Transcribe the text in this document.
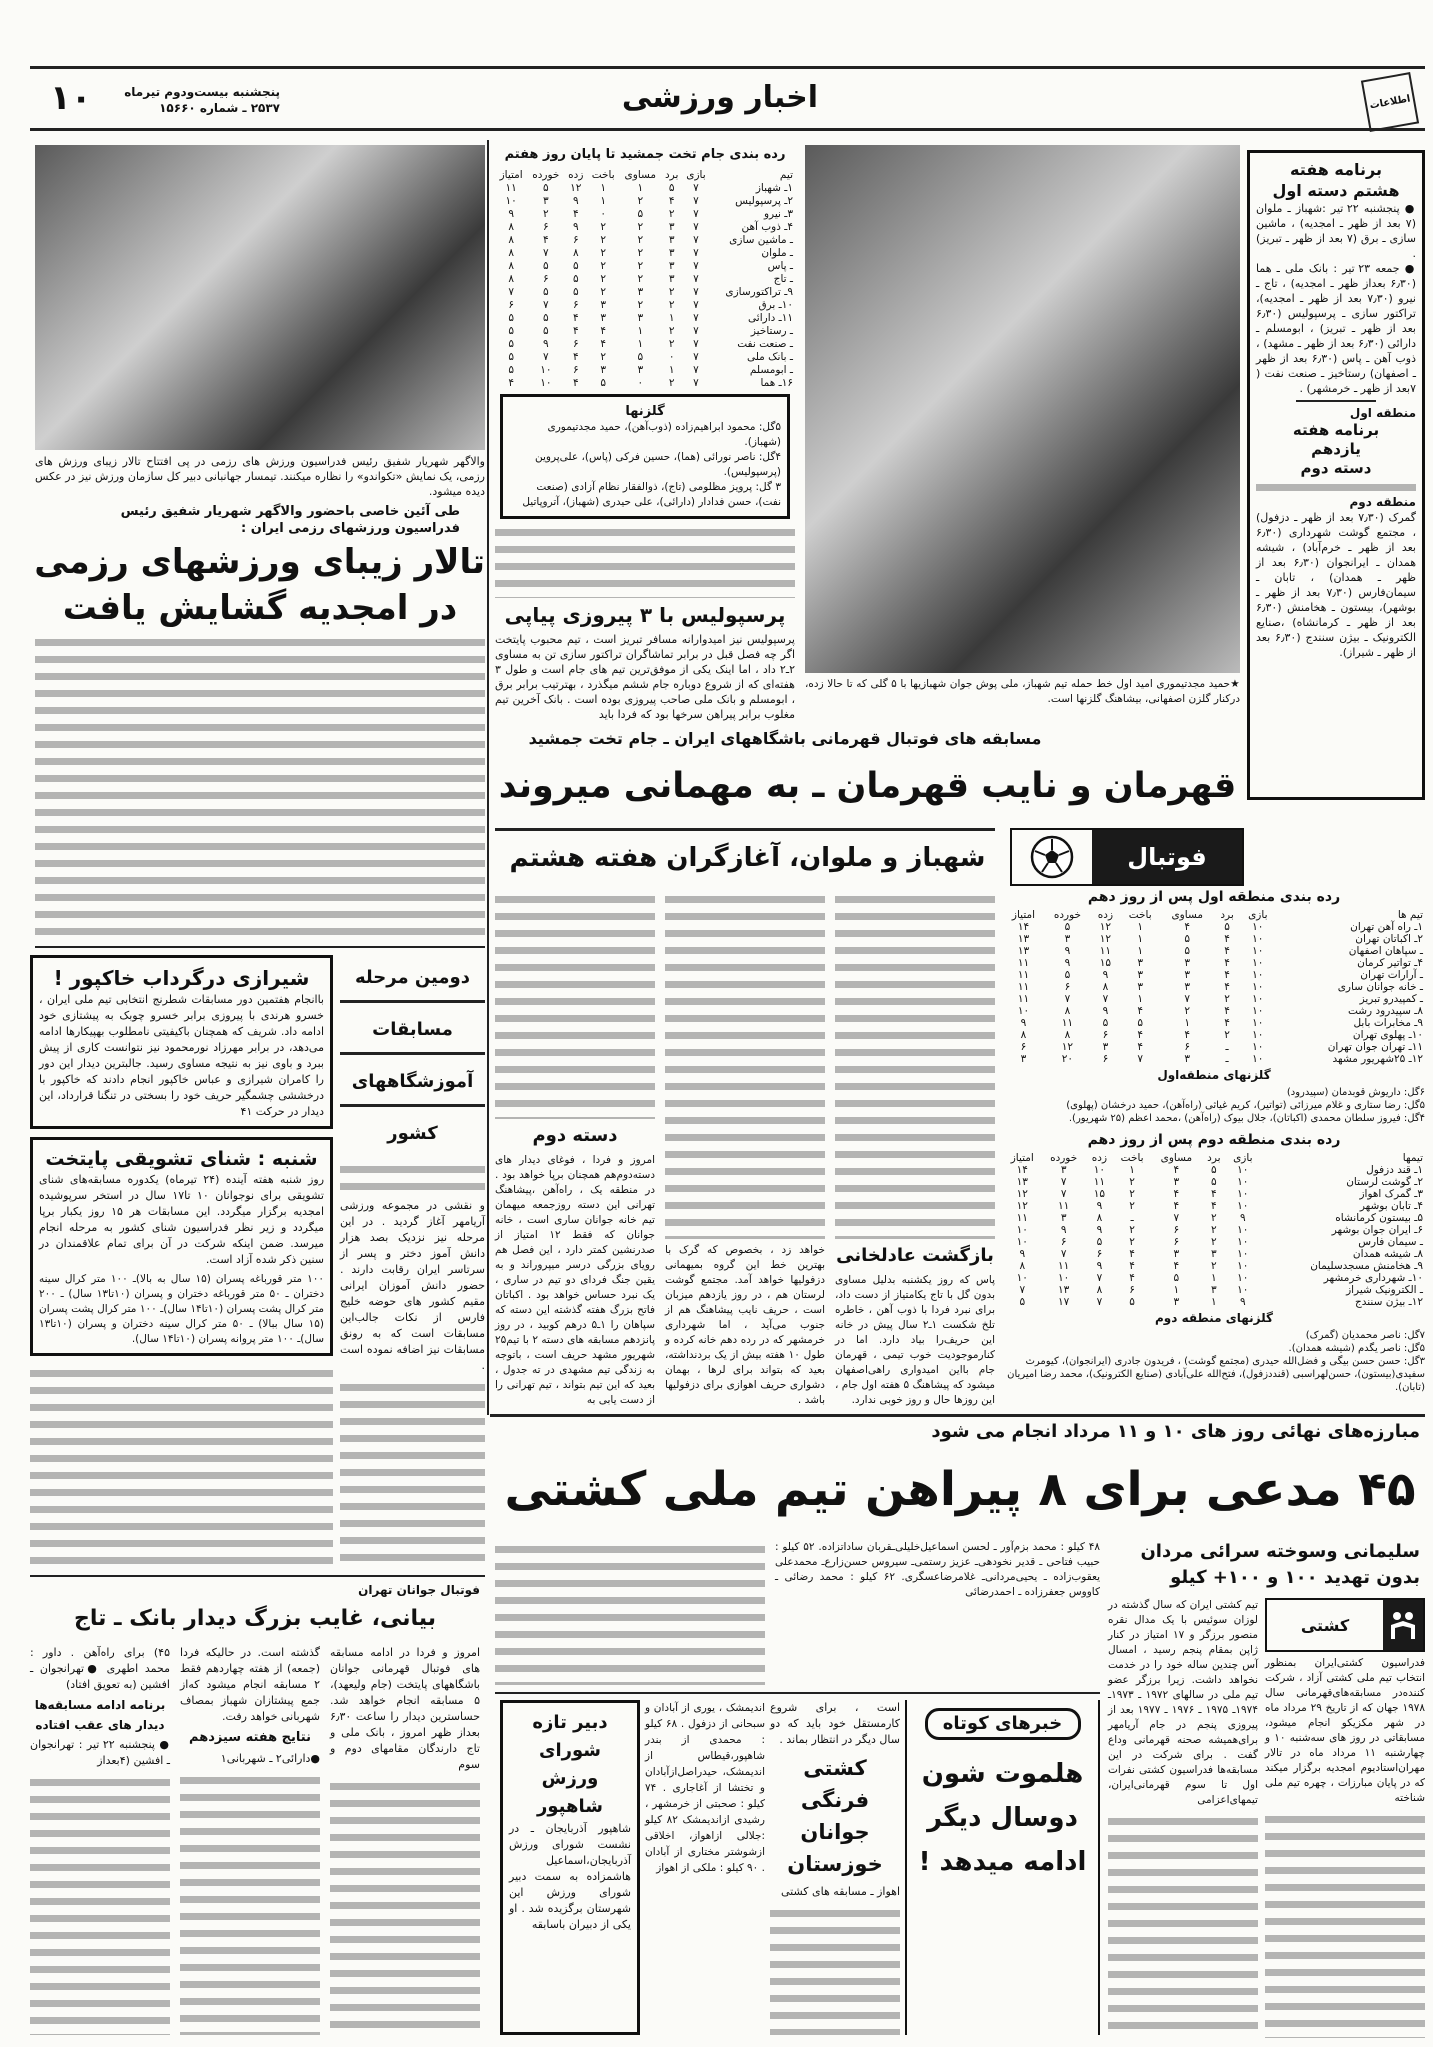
اطلاعات
اخبار ورزشی
پنجشنبه بیست‌ودوم تیرماه
۲۵۳۷ ـ شماره ۱۵۶۶۰
۱۰
والاگهر شهریار شفیق رئیس فدراسیون ورزش های رزمی در پی افتتاح تالار زیبای ورزش های رزمی، یک نمایش «تکواندو» را نظاره میکنند. تیمسار جهانبانی دبیر کل سازمان ورزش نیز در عکس دیده میشود.
طی آئین خاصی باحضور والاگهر شهریار شفیق رئیس فدراسیون ورزشهای رزمی ایران :
تالار زیبای ورزشهای رزمی
در امجدیه گشایش یافت
شیرازی درگرداب خاکپور !
باانجام هفتمین دور مسابقات شطرنج انتخابی تیم ملی ایران ، خسرو هرندی با پیروزی برابر خسرو چوبک به پیشتازی خود ادامه داد. شریف که همچنان باکیفیتی نامطلوب بهپیکارها ادامه می‌دهد، در برابر مهرزاد نورمحمود نیز نتوانست کاری از پیش ببرد و باوی نیز به نتیجه مساوی رسید. جالبترین دیدار این دور را کامران شیرازی و عباس خاکپور انجام دادند که خاکپور با درخششی چشمگیر حریف خود را بسختی در تنگنا قرارداد، این دیدار در حرکت ۴۱
شنبه : شنای تشویقی پایتخت
روز شنبه هفته آینده (۲۴ تیرماه) یکدوره مسابقه‌های شنای تشویقی برای نوجوانان ۱۰ تا۱۷ سال در استخر سرپوشیده امجدیه برگزار میگردد. این مسابقات هر ۱۵ روز یکبار برپا میگردد و زیر نظر فدراسیون شنای کشور به مرحله انجام میرسد. ضمن اینکه شرکت در آن برای تمام علاقمندان در سنین ذکر شده آزاد است.
۱۰۰ متر قورباغه پسران (۱۵ سال به بالا)ـ ۱۰۰ متر کرال سینه دختران ـ ۵۰ متر قورباغه دختران و پسران (۱۰تا۱۳ سال) ـ ۲۰۰ متر کرال پشت پسران (۱۰تا۱۴ سال)ـ ۱۰۰ متر کرال پشت پسران (۱۵ سال ببالا) ـ ۵۰ متر کرال سینه دختران و پسران (۱۰تا۱۳ سال)ـ ۱۰۰ متر پروانه پسران (۱۰تا۱۴ سال).
دومین مرحله
مسابقات
آموزشگاههای
کشور
و نقشی در مجموعه ورزشی آریامهر آغاز گردید . در این مرحله نیز نزدیک بصد هزار دانش آموز دختر و پسر از سرتاسر ایران رقابت دارند . حضور دانش آموزان ایرانی مقیم کشور های حوضه خلیج فارس از نکات جالب‌این مسابقات است که به رونق مسابقات نیز اضافه نموده است .
فوتبال جوانان تهران
بیانی، غایب بزرگ دیدار بانک ـ تاج
امروز و فردا در ادامه مسابقه های فوتبال قهرمانی جوانان باشگاههای پایتخت (جام ولیعهد)، ۵ مسابقه انجام خواهد شد. حساسترین دیدار را ساعت ۶٫۳۰ بعداز ظهر امروز ، بانک ملی و تاج دارندگان مقامهای دوم و سوم
گذشته است. در حالیکه فردا (جمعه) از هفته چهاردهم فقط ۲ مسابقه انجام میشود که‌از جمع پیشتازان شهباز بمصاف شهربانی خواهد رفت.
نتایج هفته سیزدهم
●دارائی۲ ـ شهربانی۱
۴۵) برای راه‌آهن . داور : محمد اطهری ●تهرانجوان ـ افشین (به تعویق افتاد)
برنامه ادامه مسابقه‌ها
دیدار های عقب افتاده
● پنجشنبه ۲۲ تیر : تهرانجوان ـ افشین (۴بعداز
رده بندی جام تخت جمشید تا پایان روز هفتم
تیم	بازی	برد	مساوی	باخت	زده	خورده	امتیاز
۱ـ شهباز	۷	۵	۱	۱	۱۲	۵	۱۱
۲ـ پرسپولیس	۷	۴	۲	۱	۹	۳	۱۰
۳ـ نیرو	۷	۲	۵	۰	۴	۲	۹
۴ـ ذوب آهن	۷	۳	۲	۲	۹	۶	۸
ـ ماشین سازی	۷	۳	۲	۲	۶	۴	۸
ـ ملوان	۷	۳	۲	۲	۸	۷	۸
ـ پاس	۷	۳	۲	۲	۵	۵	۸
ـ تاج	۷	۳	۲	۲	۵	۶	۸
۹ـ تراکتورسازی	۷	۲	۳	۲	۵	۵	۷
۱۰ـ برق	۷	۲	۲	۳	۶	۷	۶
۱۱ـ دارائی	۷	۱	۳	۳	۴	۵	۵
ـ رستاخیز	۷	۲	۱	۴	۴	۵	۵
ـ صنعت نفت	۷	۲	۱	۴	۶	۹	۵
ـ بانک ملی	۷	۰	۵	۲	۴	۷	۵
ـ ابومسلم	۷	۱	۳	۳	۶	۱۰	۵
۱۶ـ هما	۷	۲	۰	۵	۴	۱۰	۴
گلزنها
۵گل: محمود ابراهیم‌زاده (ذوب‌آهن)، حمید مجدتیموری (شهباز).
۴گل: ناصر نورائی (هما)، حسین فرکی (پاس)، علی‌پروین (پرسپولیس).
۳ گل: پرویز مظلومی (تاج)، ذوالفقار نظام آزادی (صنعت نفت)، حسن فدادار (دارائی)، علی حیدری (شهباز)، آتروپاتیل
پرسپولیس با ۳ پیروزی پیاپی
پرسپولیس نیز امیدوارانه مسافر تبریز است ، تیم محبوب پایتخت اگر چه فصل قبل در برابر تماشاگران تراکتور سازی تن به مساوی ۲ـ۲ داد ، اما اینک یکی از موفق‌ترین تیم های جام است و طول ۳ هفته‌ای که از شروع دوباره جام ششم میگذرد ، بهترتیب برابر برق ، ابومسلم و بانک ملی صاحب پیروزی بوده است . بانک آخرین تیم مغلوب برابر پیراهن سرخها بود که فردا باید
★حمید مجدتیموری امید اول خط حمله تیم شهباز، ملی پوش جوان شهبازیها با ۵ گلی که تا حالا زده، درکنار گلزن اصفهانی، بیشاهنگ گلزنها است.
برنامه هفته
هشتم دسته اول
● پنجشنبه ۲۲ تیر :شهباز ـ ملوان (۷ بعد از ظهر ـ امجدیه) ، ماشین سازی ـ برق (۷ بعد از ظهر ـ تبریز) .
● جمعه ۲۳ تیر : بانک ملی ـ هما (۶٫۳۰ بعداز ظهر ـ امجدیه) ، تاج ـ نیرو (۷٫۳۰ بعد از ظهر ـ امجدیه)، تراکتور سازی ـ پرسپولیس (۶٫۳۰ بعد از ظهر ـ تبریز) ، ابومسلم ـ دارائی (۶٫۳۰ بعد از ظهر ـ مشهد) ، ذوب آهن ـ پاس (۶٫۳۰ بعد از ظهر ـ اصفهان) رستاخیز ـ صنعت نفت ( ۷بعد از ظهر ـ خرمشهر) .
منطقه اول
برنامه هفته
یازدهم
دسته دوم
منطقه دوم
گمرک (۷٫۳۰ بعد از ظهر ـ دزفول) ، مجتمع گوشت شهرداری (۶٫۳۰ بعد از ظهر ـ خرم‌آباد) ، شیشه همدان ـ ایرانجوان (۶٫۳۰ بعد از ظهر ـ همدان) ، تابان ـ سیمان‌فارس (۷٫۳۰ بعد از ظهر ـ بوشهر)، بیستون ـ هخامنش (۶٫۳۰ بعد از ظهر ـ کرمانشاه) ،صنایع الکترونیک ـ بیژن سنندج (۶٫۳۰ بعد از ظهر ـ شیراز).
مسابقه های فوتبال قهرمانی باشگاههای ایران ـ جام تخت جمشید
قهرمان و نایب قهرمان ـ به مهمانی میروند
فوتبال
شهباز و ملوان، آغازگران هفته هشتم
بازگشت عادلخانی
پاس که روز یکشنبه بدلیل مساوی بدون گل با تاج یکامتیاز از دست داد، برای نبرد فردا با ذوب آهن ، خاطره تلخ شکست ۱ـ۲ سال پیش در خانه این حریف‌را بیاد دارد. اما در کنارموجودیت خوب تیمی ، قهرمان جام بااین امیدواری راهی‌اصفهان میشود که پیشاهنگ ۵ هفته اول جام ، این روزها حال و روز خوبی ندارد.
خواهد زد ، بخصوص که گرک با بهترین خط این گروه بمیهمانی دزفولیها خواهد آمد. مجتمع گوشت لرستان هم ، در روز یازدهم میزبان است ، حریف نایب پیشاهنگ هم از جنوب می‌آید ، اما شهرداری خرمشهر که در رده دهم خانه کرده و طول ۱۰ هفته بیش از یک بردنداشته، بعید که بتواند برای لرها ، بهمان دشواری حریف اهوازی برای دزفولیها باشد .
دسته دوم
امروز و فردا ، فوغای دیدار های دسته‌دوم‌هم همچنان برپا خواهد بود . در منطقه یک ، راه‌آهن ،پیشاهنگ تهرانی این دسته روزجمعه میهمان تیم خانه جوانان ساری است ، خانه جوانان که فقط ۱۲ امتیاز از صدرنشین کمتر دارد ، این فصل هم رویای بزرگی درسر میپروراند و به یقین جنگ فردای دو تیم در ساری ، یک نبرد حساس خواهد بود . اکباتان فاتح بزرگ هفته گذشته این دسته که سپاهان را ۱ـ۵ درهم کوبید ، در روز پانزدهم مسابقه های دسته ۲ با تیم۲۵ شهریور مشهد حریف است ، باتوجه به زندگی تیم مشهدی در ته جدول ، بعید که این تیم بتواند ، تیم تهرانی را از دست یابی به
رده بندی منطقه اول پس از روز دهم
تیم ها	بازی	برد	مساوی	باخت	زده	خورده	امتیاز
۱ـ راه آهن تهران	۱۰	۵	۴	۱	۱۲	۵	۱۴
۲ـ اکباتان تهران	۱۰	۴	۵	۱	۱۲	۳	۱۳
ـ سپاهان اصفهان	۱۰	۴	۵	۱	۱۱	۹	۱۳
۴ـ تواتیر کرمان	۱۰	۴	۳	۳	۱۵	۹	۱۱
ـ آرارات تهران	۱۰	۴	۳	۳	۹	۵	۱۱
ـ خانه جوانان ساری	۱۰	۴	۳	۳	۸	۶	۱۱
ـ کمپیدرو تبریز	۱۰	۲	۷	۱	۷	۷	۱۱
۸ـ سپیدرود رشت	۱۰	۴	۲	۴	۹	۸	۱۰
۹ـ مخابرات بابل	۱۰	۴	۱	۵	۵	۱۱	۹
۱۰ـ پهلوی تهران	۱۰	۲	۴	۴	۶	۸	۸
۱۱ـ تهران جوان تهران	۱۰	ـ	۶	۴	۳	۱۲	۶
۱۲ـ ۲۵شهریور مشهد	۱۰	ـ	۳	۷	۶	۲۰	۳
گلزنهای منطقه‌اول
۶گل: داریوش قوبدمان (سپیدرود)
۵گل: رضا ستاری و غلام میرزائی (تواتیر)، کریم غیاثی (راه‌آهن)، حمید درخشان (پهلوی)
۴گل: فیروز سلطان محمدی (اکباتان)، جلال بیوک (راه‌آهن) ،محمد اعظم (۲۵ شهریور).
رده بندی منطقه دوم پس از روز دهم
تیمها	بازی	برد	مساوی	باخت	زده	خورده	امتیاز
۱ـ قند دزفول	۱۰	۵	۴	۱	۱۰	۳	۱۴
۲ـ گوشت لرستان	۱۰	۵	۳	۲	۱۱	۷	۱۳
۳ـ گمرک اهواز	۱۰	۴	۴	۲	۱۵	۷	۱۲
۴ـ تابان بوشهر	۱۰	۴	۴	۲	۹	۱۱	۱۲
۵ـ بیستون کرمانشاه	۹	۲	۷	ـ	۸	۳	۱۱
۶ـ ایران جوان بوشهر	۱۰	۲	۶	۲	۹	۹	۱۰
ـ سیمان فارس	۱۰	۲	۶	۲	۵	۶	۱۰
۸ـ شیشه همدان	۱۰	۳	۳	۴	۶	۷	۹
۹ـ هخامنش مسجدسلیمان	۱۰	۲	۴	۴	۹	۱۱	۸
۱۰ـ شهرداری خرمشهر	۱۰	۱	۵	۴	۷	۱۰	۱۰
ـ الکترونیک شیراز	۱۰	۳	۱	۶	۸	۱۳	۷
۱۲ـ بیژن سنندج	۹	۱	۳	۵	۷	۱۷	۵
گلزنهای منطقه دوم
۷گل: ناصر محمدیان (گمرک)
۵گل: ناصر یگدم (شیشه همدان).
۳گل: حسن حسن بیگی و فضل‌الله حیدری (مجتمع گوشت) ، فریدون جادری (ایرانجوان)، کیومرث سفیدی(بیستون)، حسن‌لهراسبی (قنددزفول)، فتح‌الله علی‌آبادی (صنایع الکترونیک)، محمد رضا امیریان (تابان).
مبارزه‌های نهائی روز های ۱۰ و ۱۱ مرداد انجام می شود
۴۵ مدعی برای ۸ پیراهن تیم ملی کشتی
سلیمانی وسوخته سرائی مردان
بدون تهدید ۱۰۰ و ۱۰۰+ کیلو
۴۸ کیلو : محمد بزم‌آور ـ لحسن اسماعیل‌خلیلی‌ـقربان ساداتزاده. ۵۲ کیلو : حبیب فتاحی ـ قدیر نخودهی‌ـ عزیز رستمی‌ـ سیروس حسن‌زارع‌ـ محمدعلی یعقوب‌زاده ـ یحیی‌مردانی‌ـ غلامرضاعسگری. ۶۲ کیلو : محمد رضائی ـ کاووس جعفرزاده ـ احمدرضائی
کشتی
فدراسیون کشتی‌ایران بمنظور انتخاب تیم ملی کشتی آزاد ، شرکت کننده‌در مسابقه‌های‌قهرمانی سال ۱۹۷۸ جهان که از تاریخ ۲۹ مرداد ماه در شهر مکزیکو انجام میشود، مسابقاتی در روز های سه‌شنبه ۱۰ و چهارشنبه ۱۱ مرداد ماه در تالار مهران‌استادیوم امجدیه برگزار میکند که در پایان مبارزات ، چهره تیم ملی شناخته
تیم کشتی ایران که سال گذشته در لوزان سوئیس با یک مدال نقره منصور برزگر و ۱۷ امتیاز در کنار ژاپن بمقام پنجم رسید ، امسال آس چندین ساله خود را در خدمت نخواهد داشت. زیرا برزگر عضو تیم ملی در سالهای ۱۹۷۲ ـ ۱۹۷۳ـ ۱۹۷۴ـ ۱۹۷۵ ـ ۱۹۷۶ ـ ۱۹۷۷ بعد از پیروزی پنجم در جام آریامهر برای‌همیشه صحنه قهرمانی وداع گفت . برای شرکت در این مسابقه‌ها فدراسیون کشتی نفرات اول تا سوم قهرمانی‌ایران، تیمهای‌اعزامی
خبرهای کوتاه
هلموت شون دوسال دیگر ادامه میدهد !
است ، برای شروع کارمستقل خود باید که دو سال دیگر در انتظار بماند .
کشتی فرنگی جوانان خوزستان
اهواز ـ مسابقه های کشتی
اندیمشک ، یوری از آبادان و سبحانی از دزفول . ۶۸ کیلو : محمدی از بندر شاهپور،قیطاس از اندیمشک، حیدراصل‌ازآبادان و تختشا از آغاجاری . ۷۴ کیلو : صحبتی از خرمشهر ، رشیدی ازاندیمشک ۸۲ کیلو :جلالی ازاهواز، اخلاقی ازشوشتر مختاری از آبادان . ۹۰ کیلو : ملکی از اهواز
دبیر تازه شورای ورزش شاهپور
شاهپور آذربایجان ـ در نشست شورای ورزش آذربایجان،اسماعیل هاشمزاده به سمت دبیر شورای ورزش این شهرستان برگزیده شد . او یکی از دبیران باسابقه
